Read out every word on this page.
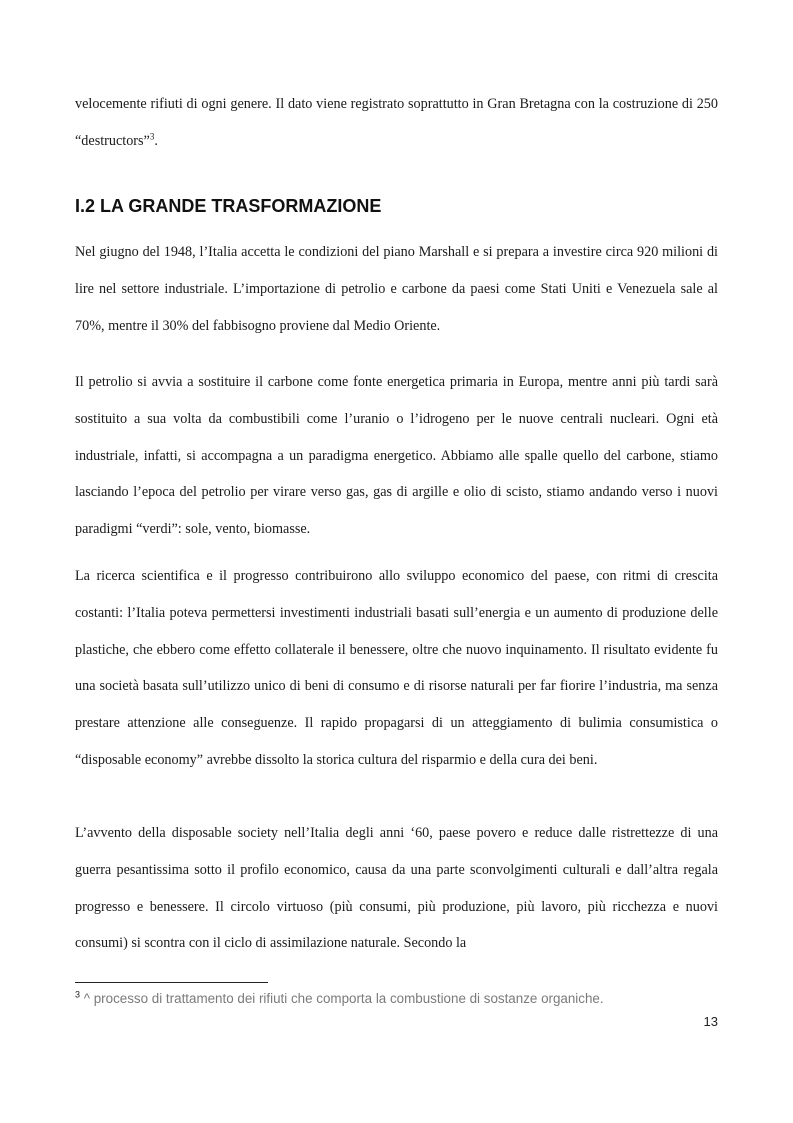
velocemente rifiuti di ogni genere. Il dato viene registrato soprattutto in Gran Bretagna con la costruzione di 250 “destructors”$^3$.

I.2 LA GRANDE TRASFORMAZIONE

Nel giugno del 1948, l’Italia accetta le condizioni del piano Marshall e si prepara a investire circa 920 milioni di lire nel settore industriale. L’importazione di petrolio e carbone da paesi come Stati Uniti e Venezuela sale al 70%, mentre il 30% del fabbisogno proviene dal Medio Oriente.

Il petrolio si avvia a sostituire il carbone come fonte energetica primaria in Europa, mentre anni più tardi sarà sostituito a sua volta da combustibili come l’uranio o l’idrogeno per le nuove centrali nucleari. Ogni età industriale, infatti, si accompagna a un paradigma energetico. Abbiamo alle spalle quello del carbone, stiamo lasciando l’epoca del petrolio per virare verso gas, gas di argille e olio di scisto, stiamo andando verso i nuovi paradigmi “verdi”: sole, vento, biomasse.

La ricerca scientifica e il progresso contribuirono allo sviluppo economico del paese, con ritmi di crescita costanti: l’Italia poteva permettersi investimenti industriali basati sull’energia e un aumento di produzione delle plastiche, che ebbero come effetto collaterale il benessere, oltre che nuovo inquinamento. Il risultato evidente fu una società basata sull’utilizzo unico di beni di consumo e di risorse naturali per far fiorire l’industria, ma senza prestare attenzione alle conseguenze. Il rapido propagarsi di un atteggiamento di bulimia consumistica o “disposable economy” avrebbe dissolto la storica cultura del risparmio e della cura dei beni.

L’avvento della disposable society nell’Italia degli anni ‘60, paese povero e reduce dalle ristrettezze di una guerra pesantissima sotto il profilo economico, causa da una parte sconvolgimenti culturali e dall’altra regala progresso e benessere. Il circolo virtuoso (più consumi, più produzione, più lavoro, più ricchezza e nuovi consumi) si scontra con il ciclo di assimilazione naturale. Secondo la

$^3$ ^ processo di trattamento dei rifiuti che comporta la combustione di sostanze organiche.

13
